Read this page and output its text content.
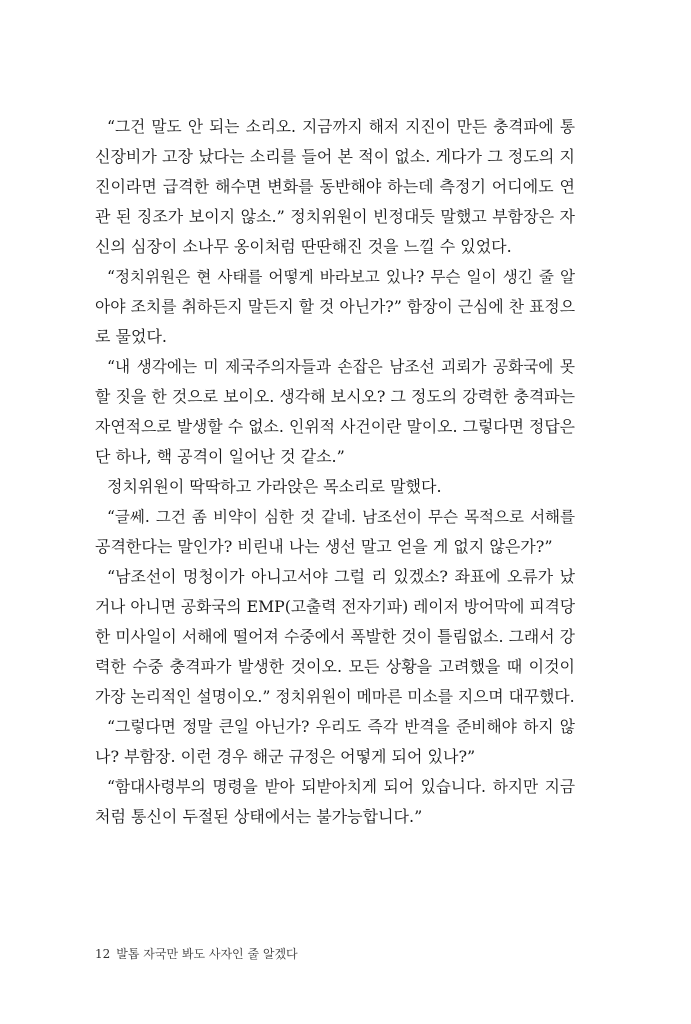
“그건 말도 안 되는 소리오. 지금까지 해저 지진이 만든 충격파에 통
신장비가 고장 났다는 소리를 들어 본 적이 없소. 게다가 그 정도의 지
진이라면 급격한 해수면 변화를 동반해야 하는데 측정기 어디에도 연
관 된 징조가 보이지 않소.” 정치위원이 빈정대듯 말했고 부함장은 자
신의 심장이 소나무 옹이처럼 딴딴해진 것을 느낄 수 있었다.
“정치위원은 현 사태를 어떻게 바라보고 있나? 무슨 일이 생긴 줄 알
아야 조치를 취하든지 말든지 할 것 아닌가?” 함장이 근심에 찬 표정으
로 물었다.
“내 생각에는 미 제국주의자들과 손잡은 남조선 괴뢰가 공화국에 못
할 짓을 한 것으로 보이오. 생각해 보시오? 그 정도의 강력한 충격파는
자연적으로 발생할 수 없소. 인위적 사건이란 말이오. 그렇다면 정답은
단 하나, 핵 공격이 일어난 것 같소.”
정치위원이 딱딱하고 가라앉은 목소리로 말했다.
“글쎄. 그건 좀 비약이 심한 것 같네. 남조선이 무슨 목적으로 서해를
공격한다는 말인가? 비린내 나는 생선 말고 얻을 게 없지 않은가?”
“남조선이 멍청이가 아니고서야 그럴 리 있겠소? 좌표에 오류가 났
거나 아니면 공화국의 EMP(고출력 전자기파) 레이저 방어막에 피격당
한 미사일이 서해에 떨어져 수중에서 폭발한 것이 틀림없소. 그래서 강
력한 수중 충격파가 발생한 것이오. 모든 상황을 고려했을 때 이것이
가장 논리적인 설명이오.” 정치위원이 메마른 미소를 지으며 대꾸했다.
“그렇다면 정말 큰일 아닌가? 우리도 즉각 반격을 준비해야 하지 않
나? 부함장. 이런 경우 해군 규정은 어떻게 되어 있나?”
“함대사령부의 명령을 받아 되받아치게 되어 있습니다. 하지만 지금
처럼 통신이 두절된 상태에서는 불가능합니다.”
12 발톱 자국만 봐도 사자인 줄 알겠다
